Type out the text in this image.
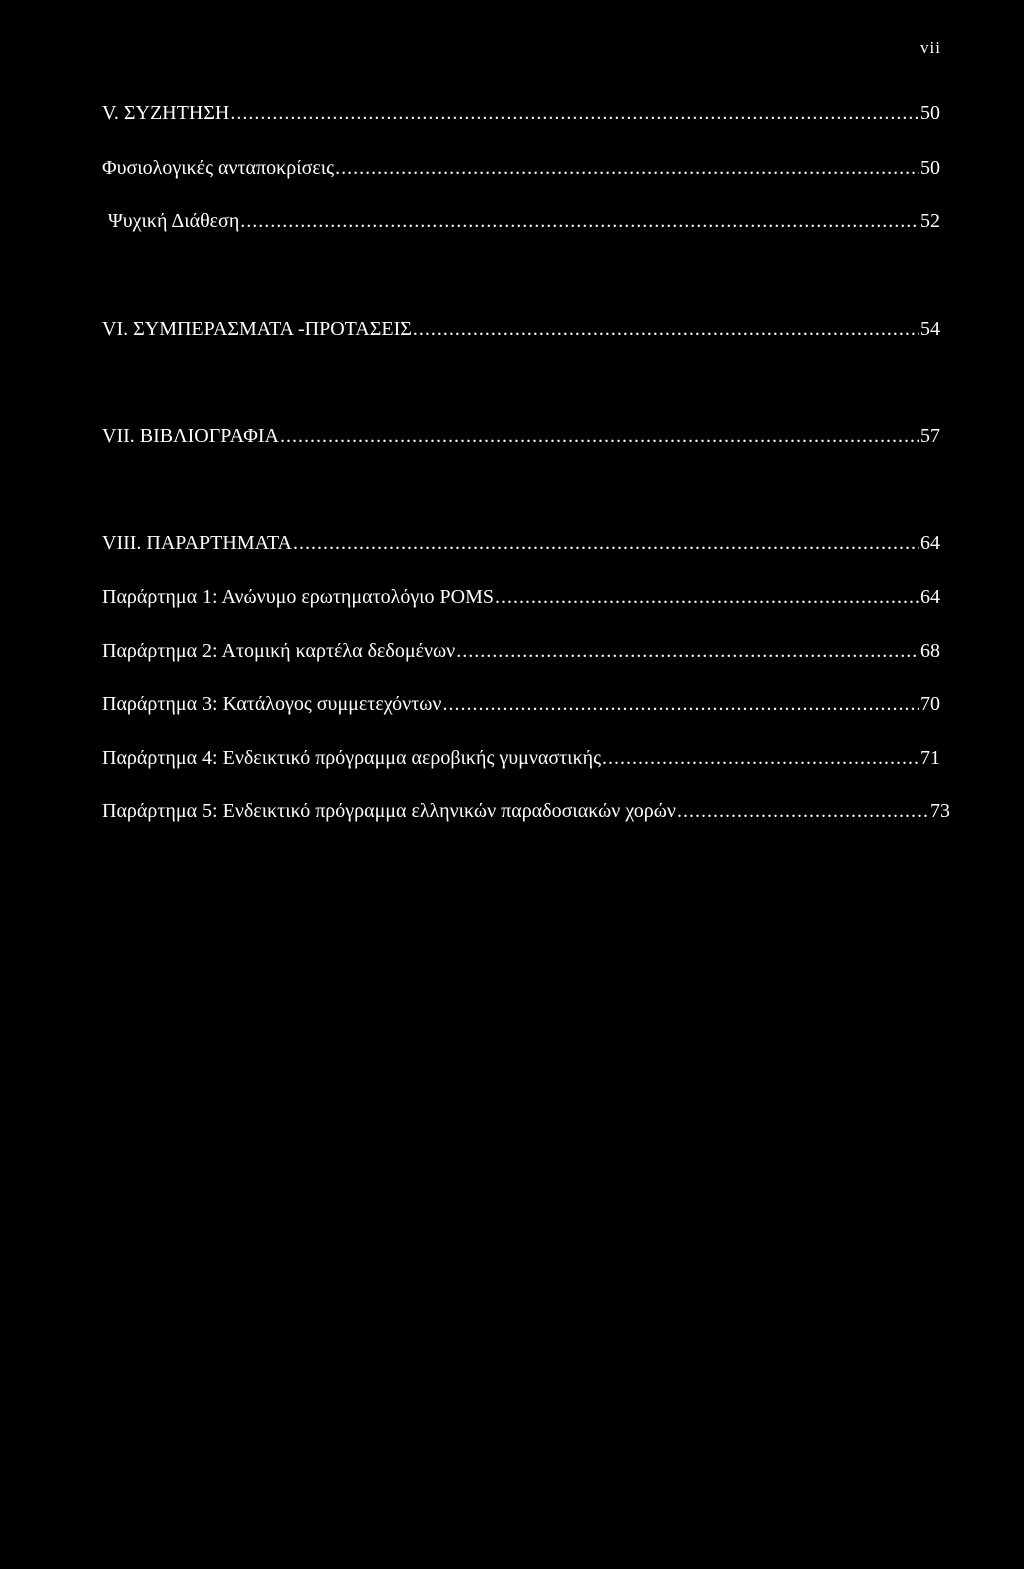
vii
V. ΣΥΖΗΤΗΣΗ .....	50
Φυσιολογικές ανταποκρίσεις .....	50
Ψυχική Διάθεση .....	52
VI. ΣΥΜΠΕΡΑΣΜΑΤΑ -ΠΡΟΤΑΣΕΙΣ .....	54
VII. ΒΙΒΛΙΟΓΡΑΦΙΑ .....	57
VIII. ΠΑΡΑΡΤΗΜΑΤΑ .....	64
Παράρτημα 1: Ανώνυμο ερωτηματολόγιο POMS .....	64
Παράρτημα 2: Ατομική καρτέλα δεδομένων .....	68
Παράρτημα 3: Κατάλογος συμμετεχόντων .....	70
Παράρτημα 4: Ενδεικτικό πρόγραμμα αεροβικής γυμναστικής .....	71
Παράρτημα 5: Ενδεικτικό πρόγραμμα ελληνικών παραδοσιακών χορών .....	73
